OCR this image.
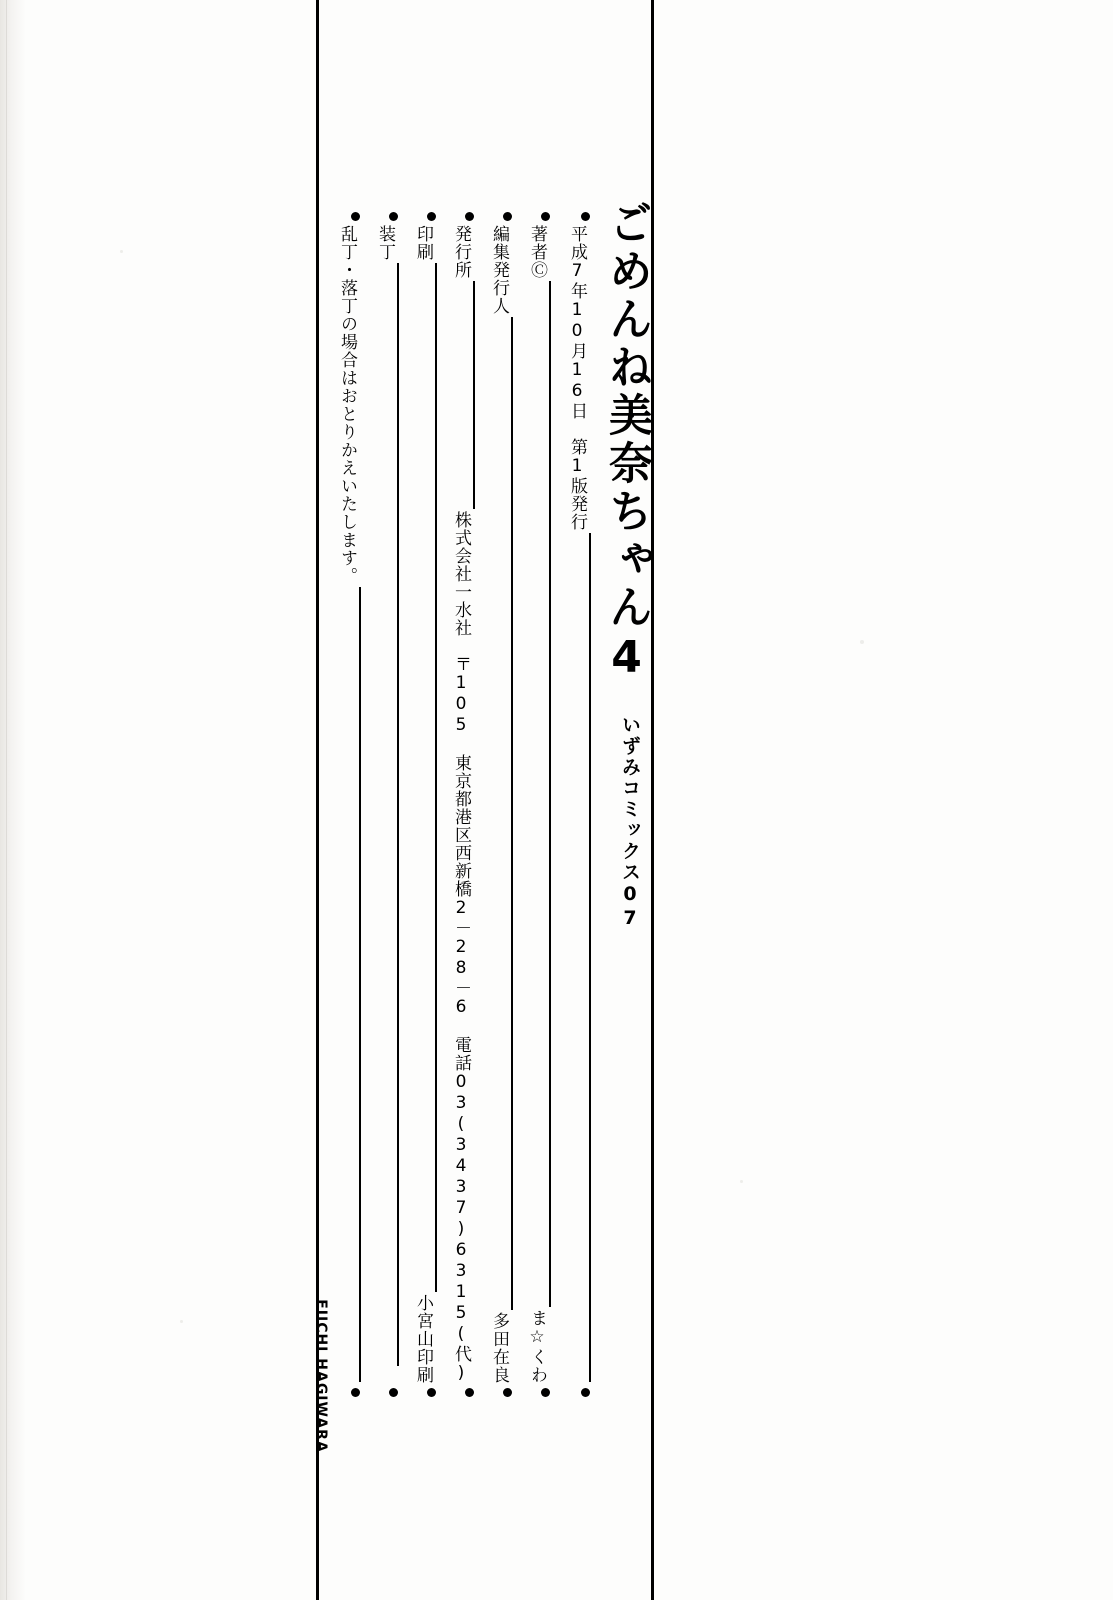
ごめんね美奈ちゃん4
いずみコミックス07
平成7年10月16日　第1版発行
著者Ⓒ
ま☆くわ
編集発行人
多田在良
発行所
株式会社一水社　〒105　東京都港区西新橋2－28－6　電話03(3437)6315(代)
印刷
小宮山印刷
装丁
EIICHI HAGIWARA
乱丁・落丁の場合はおとりかえいたします。
